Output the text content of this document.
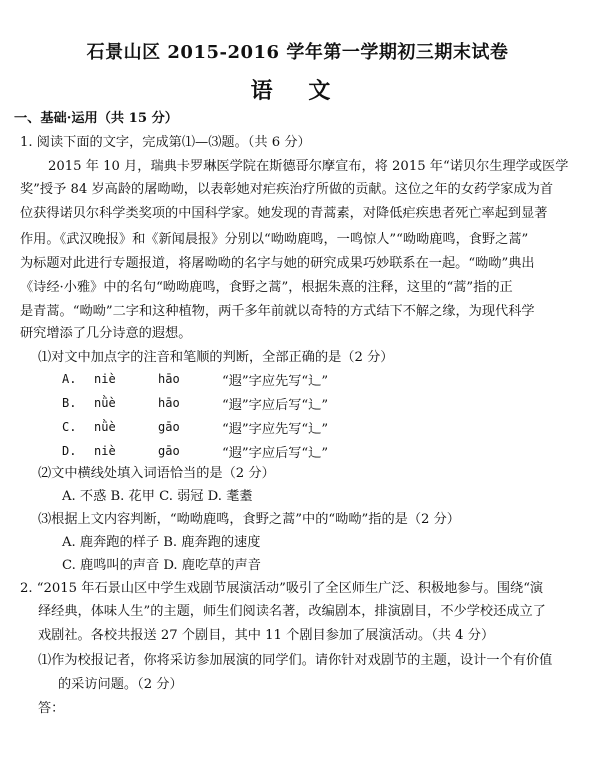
石景山区 2015-2016 学年第一学期初三期末试卷
语 文
一、基础·运用（共 15 分）
1. 阅读下面的文字，完成第⑴—⑶题。（共 6 分）
2015 年 10 月，瑞典卡罗琳医学院在斯德哥尔摩宣布，将 2015 年“诺贝尔生理学或医学
奖”授予 84 岁高龄的屠呦呦，以表彰她对疟疾治疗所做的贡献。这位之年的女药学家成为首
位获得诺贝尔科学类奖项的中国科学家。她发现的青蒿素，对降低疟疾患者死亡率起到显著
作用。《武汉晚报》和《新闻晨报》分别以“呦呦鹿鸣，一鸣惊人”“呦呦鹿鸣，食野之蒿”
为标题对此进行专题报道，将屠呦呦的名字与她的研究成果巧妙联系在一起。“呦呦”典出
《诗经·小雅》中的名句“呦呦鹿鸣，食野之蒿”，根据朱熹的注释，这里的“蒿”指的正
是青蒿。“呦呦”二字和这种植物，两千多年前就以奇特的方式结下不解之缘，为现代科学
研究增添了几分诗意的遐想。
⑴对文中加点字的注音和笔顺的判断，全部正确的是（2 分）
A. niè	hāo	“遐”字应先写“辶”
B. nǜè	hāo	“遐”字应后写“辶”
C. nǜè	gāo	“遐”字应先写“辶”
D. niè	gāo	“遐”字应后写“辶”
⑵文中横线处填入词语恰当的是（2 分）
A. 不惑 B. 花甲 C. 弱冠 D. 耄耋
⑶根据上文内容判断，“呦呦鹿鸣，食野之蒿”中的“呦呦”指的是（2 分）
A. 鹿奔跑的样子 B. 鹿奔跑的速度
C. 鹿鸣叫的声音 D. 鹿吃草的声音
2. “2015 年石景山区中学生戏剧节展演活动”吸引了全区师生广泛、积极地参与。围绕“演
绎经典，体味人生”的主题，师生们阅读名著，改编剧本，排演剧目，不少学校还成立了
戏剧社。各校共报送 27 个剧目，其中 11 个剧目参加了展演活动。（共 4 分）
⑴作为校报记者，你将采访参加展演的同学们。请你针对戏剧节的主题，设计一个有价值
的采访问题。（2 分）
答：
